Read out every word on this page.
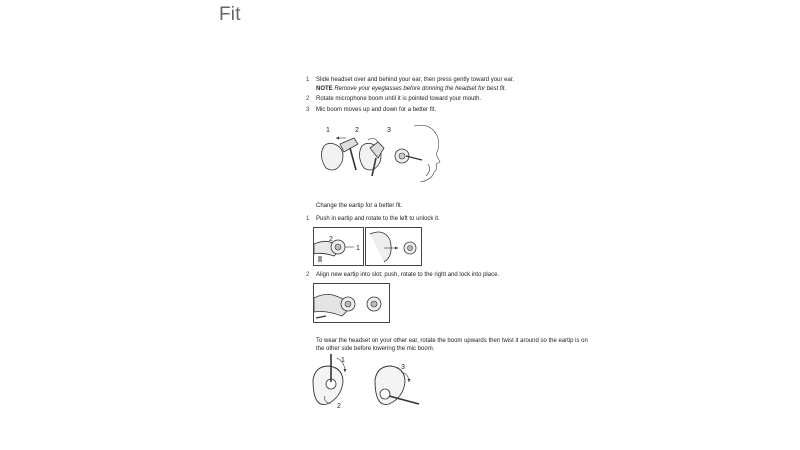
Fit
1	Slide headset over and behind your ear, then press gently toward your ear.
NOTE Remove your eyeglasses before donning the headset for best fit.
2	Rotate microphone boom until it is pointed toward your mouth.
3	Mic boom moves up and down for a better fit.
1	2	3
Change the eartip for a better fit.
1	Push in eartip and rotate to the left to unlock it.
2
1
2	Align new eartip into slot; push, rotate to the right and lock into place.
To wear the headset on your other ear, rotate the boom upwards then twist it around so the eartip is on the other side before lowering the mic boom.
1
2
3
